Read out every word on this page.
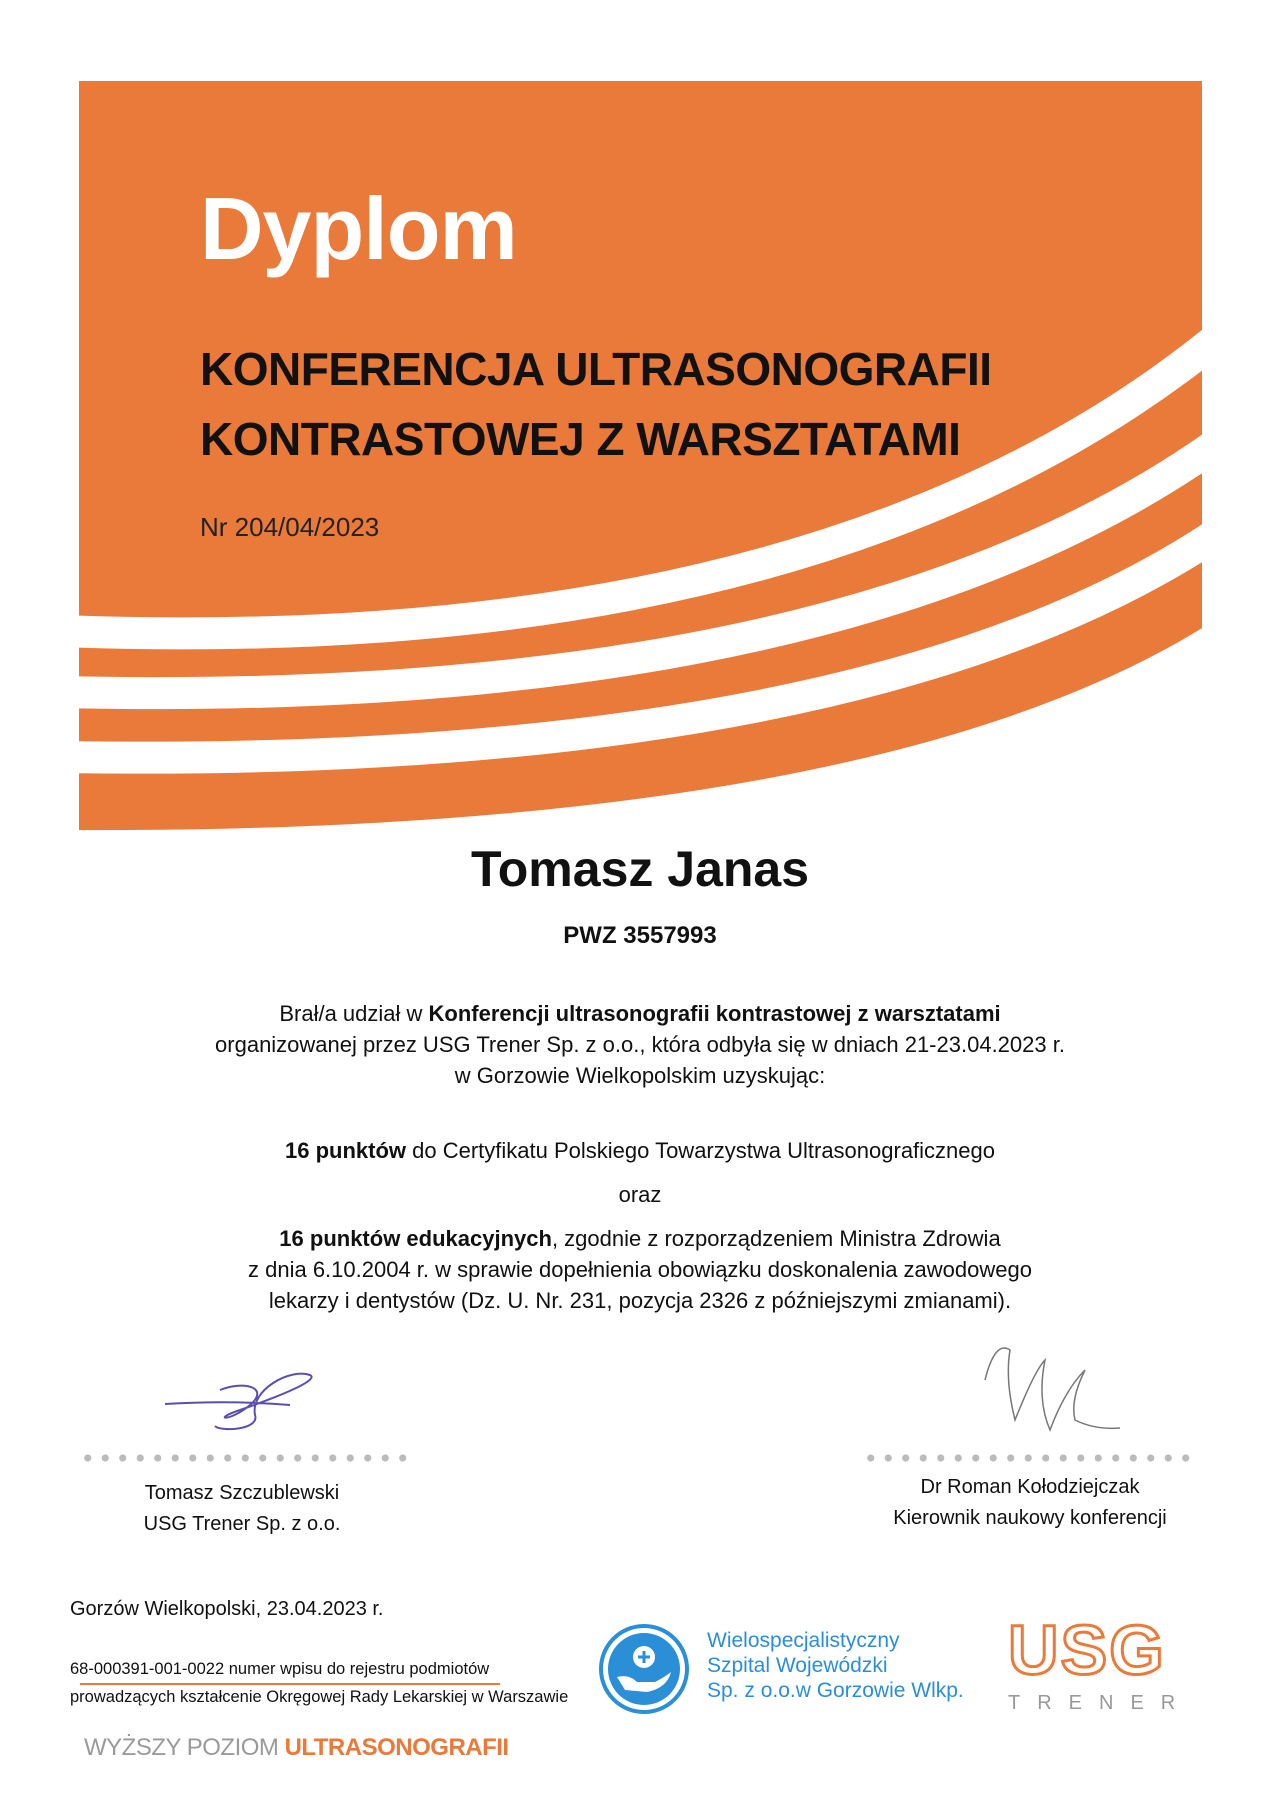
Dyplom
KONFERENCJA ULTRASONOGRAFII
KONTRASTOWEJ Z WARSZTATAMI
Nr 204/04/2023
Tomasz Janas
PWZ 3557993
Brał/a udział w Konferencji ultrasonografii kontrastowej z warsztatami
organizowanej przez USG Trener Sp. z o.o., która odbyła się w dniach 21-23.04.2023 r.
w Gorzowie Wielkopolskim uzyskując:
16 punktów do Certyfikatu Polskiego Towarzystwa Ultrasonograficznego
oraz
16 punktów edukacyjnych, zgodnie z rozporządzeniem Ministra Zdrowia
z dnia 6.10.2004 r. w sprawie dopełnienia obowiązku doskonalenia zawodowego
lekarzy i dentystów (Dz. U. Nr. 231, pozycja 2326 z późniejszymi zmianami).
Tomasz Szczublewski
USG Trener Sp. z o.o.
Dr Roman Kołodziejczak
Kierownik naukowy konferencji
Gorzów Wielkopolski, 23.04.2023 r.
68-000391-001-0022 numer wpisu do rejestru podmiotów
prowadzących kształcenie Okręgowej Rady Lekarskiej w Warszawie
Wielospecjalistyczny
Szpital Wojewódzki
Sp. z o.o.w Gorzowie Wlkp.
USG
TRENER
WYŻSZY POZIOM ULTRASONOGRAFII
